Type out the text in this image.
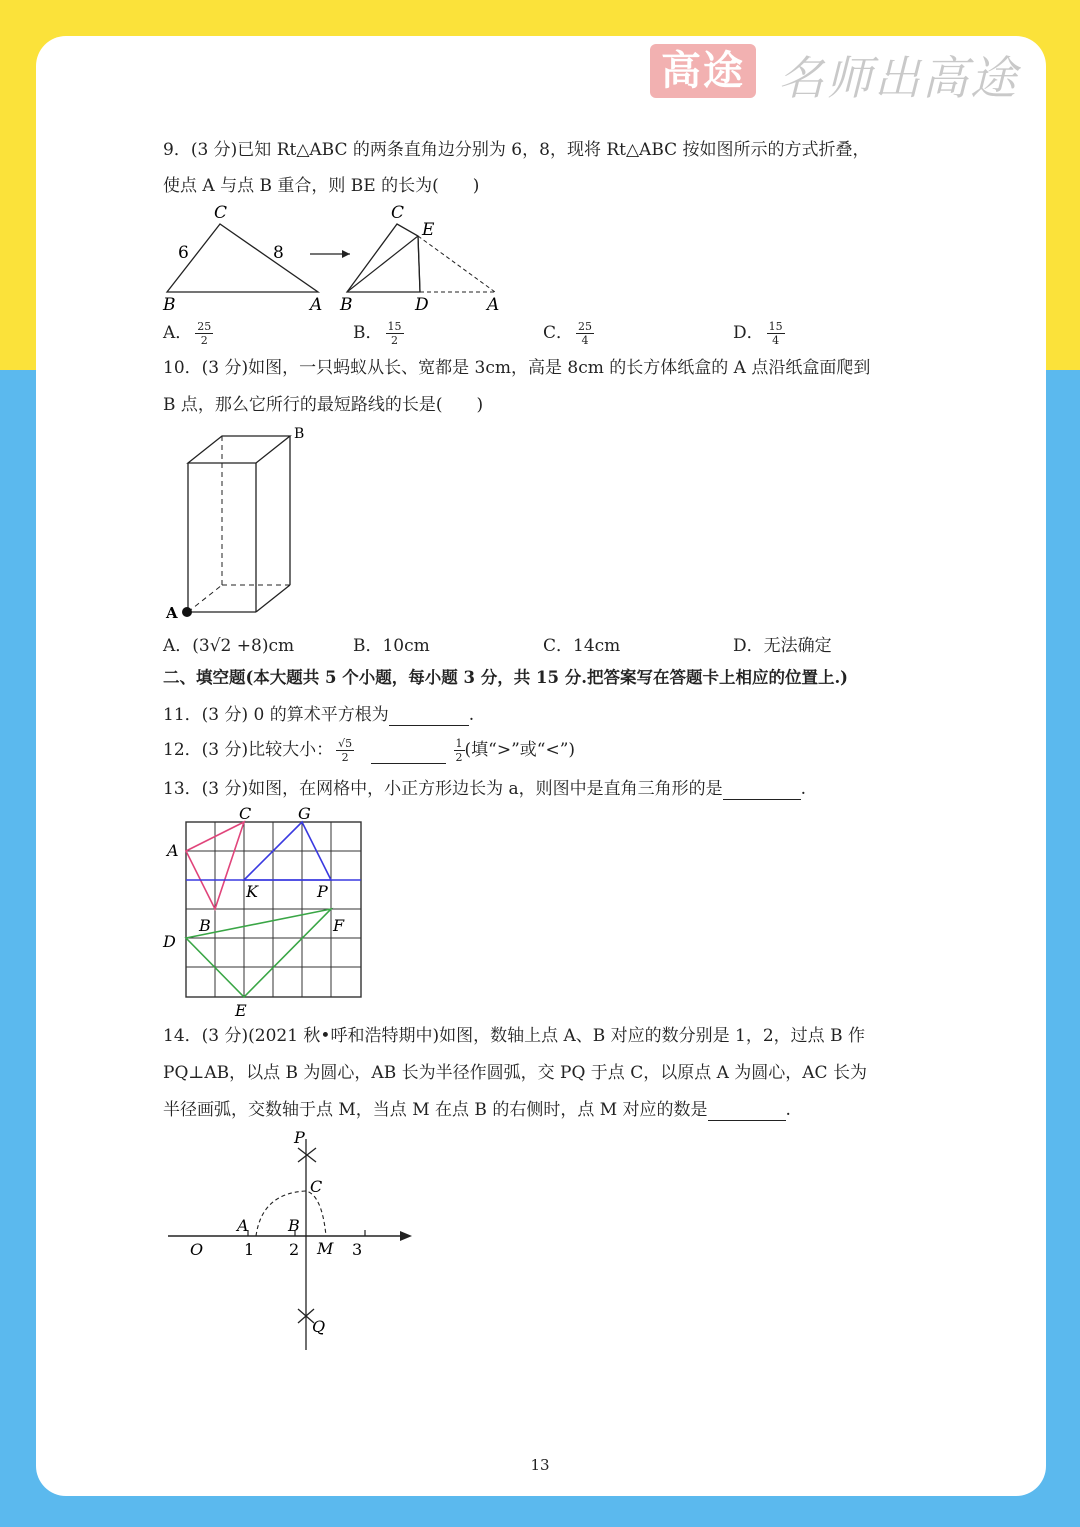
高途 名师出高途
9．(3 分)已知 Rt△ABC 的两条直角边分别为 6，8，现将 Rt△ABC 按如图所示的方式折叠，
使点 A 与点 B 重合，则 BE 的长为(　　)
C
6	8
B	A
C
E
B	D	A
A． $\frac{25}{2}$	B． $\frac{15}{2}$	C． $\frac{25}{4}$	D． $\frac{15}{4}$
10．(3 分)如图，一只蚂蚁从长、宽都是 3cm，高是 8cm 的长方体纸盒的 A 点沿纸盒面爬到
B 点，那么它所行的最短路线的长是(　　)
A
B
A．(3√2 +8)cm	B．10cm	C．14cm	D．无法确定
二、填空题(本大题共 5 个小题，每小题 3 分，共 15 分.把答案写在答题卡上相应的位置上.)
11．(3 分) 0 的算术平方根为	.
12．(3 分)比较大小： $\frac{√5}{2}$
	$\frac{1}{2}$ (填“>”或“<”)
13．(3 分)如图，在网格中，小正方形边长为 a，则图中是直角三角形的是	.
A
C	G
K	P
B	F
D
E
14．(3 分)(2021 秋•呼和浩特期中)如图，数轴上点 A、B 对应的数分别是 1，2，过点 B 作
PQ⊥AB，以点 B 为圆心，AB 长为半径作圆弧，交 PQ 于点 C，以原点 A 为圆心，AC 长为
半径画弧，交数轴于点 M，当点 M 在点 B 的右侧时，点 M 对应的数是	.
P
C
A B
O	1 2 M 3
Q
13
